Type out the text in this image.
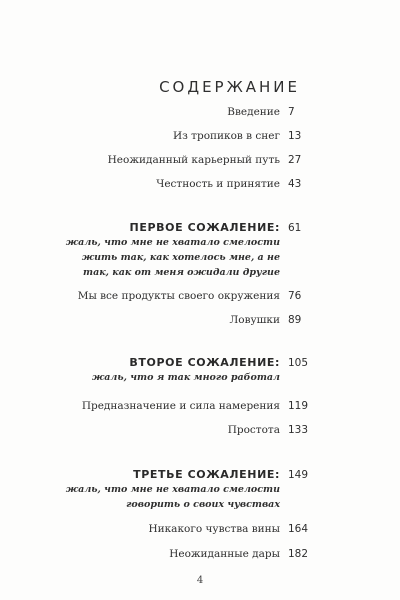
СОДЕРЖАНИЕ
Введение 7
Из тропиков в снег 13
Неожиданный карьерный путь 27
Честность и принятие 43
ПЕРВОЕ СОЖАЛЕНИЕ: 61
жаль, что мне не хватало смелости
жить так, как хотелось мне, а не
так, как от меня ожидали другие
Мы все продукты своего окружения 76
Ловушки 89
ВТОРОЕ СОЖАЛЕНИЕ: 105
жаль, что я так много работал
Предназначение и сила намерения 119
Простота 133
ТРЕТЬЕ СОЖАЛЕНИЕ: 149
жаль, что мне не хватало смелости
говорить о своих чувствах
Никакого чувства вины 164
Неожиданные дары 182
4
